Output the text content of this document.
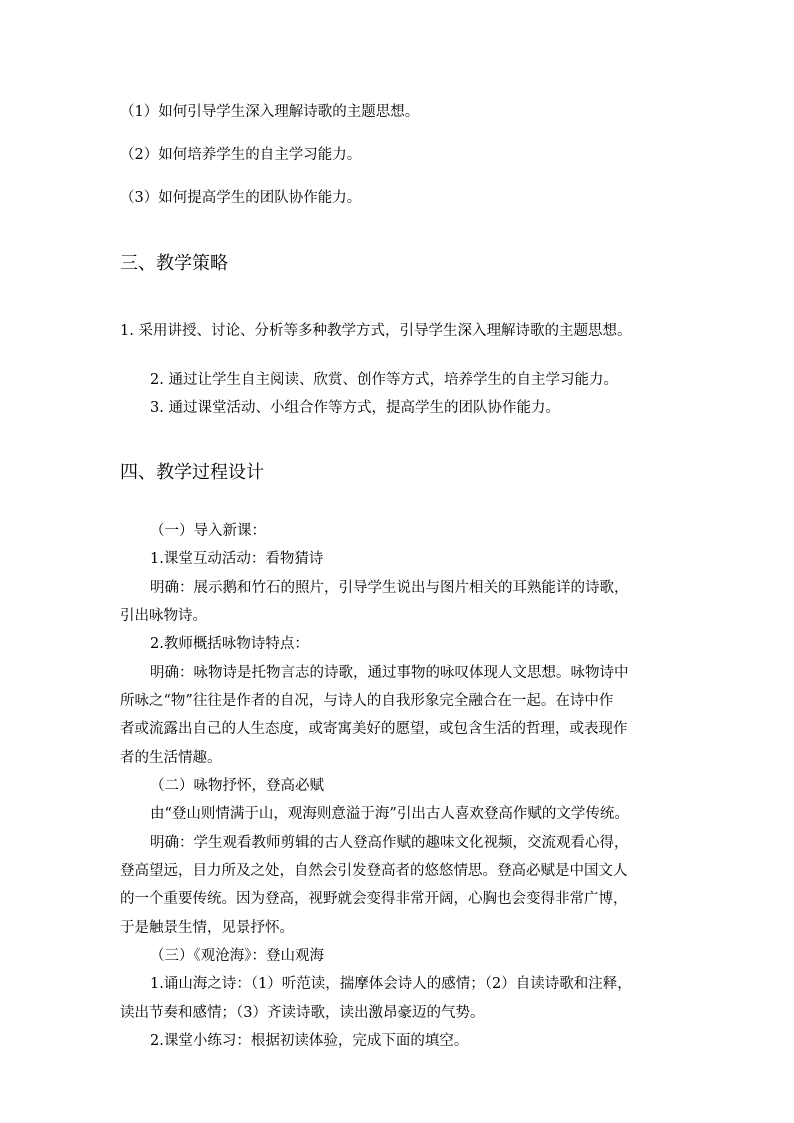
（1）如何引导学生深入理解诗歌的主题思想。
（2）如何培养学生的自主学习能力。
（3）如何提高学生的团队协作能力。
三、教学策略
1. 采用讲授、讨论、分析等多种教学方式，引导学生深入理解诗歌的主题思想。
2. 通过让学生自主阅读、欣赏、创作等方式，培养学生的自主学习能力。
3. 通过课堂活动、小组合作等方式，提高学生的团队协作能力。
四、教学过程设计
（一）导入新课：
1.课堂互动活动：看物猜诗
明确：展示鹅和竹石的照片，引导学生说出与图片相关的耳熟能详的诗歌，
引出咏物诗。
2.教师概括咏物诗特点：
明确：咏物诗是托物言志的诗歌，通过事物的咏叹体现人文思想。咏物诗中
所咏之“物”往往是作者的自况，与诗人的自我形象完全融合在一起。在诗中作
者或流露出自己的人生态度，或寄寓美好的愿望，或包含生活的哲理，或表现作
者的生活情趣。
（二）咏物抒怀，登高必赋
由“登山则情满于山，观海则意溢于海”引出古人喜欢登高作赋的文学传统。
明确：学生观看教师剪辑的古人登高作赋的趣味文化视频，交流观看心得，
登高望远，目力所及之处，自然会引发登高者的悠悠情思。登高必赋是中国文人
的一个重要传统。因为登高，视野就会变得非常开阔，心胸也会变得非常广博，
于是触景生情，见景抒怀。
（三）《观沧海》：登山观海
1.诵山海之诗：（1）听范读，揣摩体会诗人的感情；（2）自读诗歌和注释，
读出节奏和感情；（3）齐读诗歌，读出激昂豪迈的气势。
2.课堂小练习：根据初读体验，完成下面的填空。
